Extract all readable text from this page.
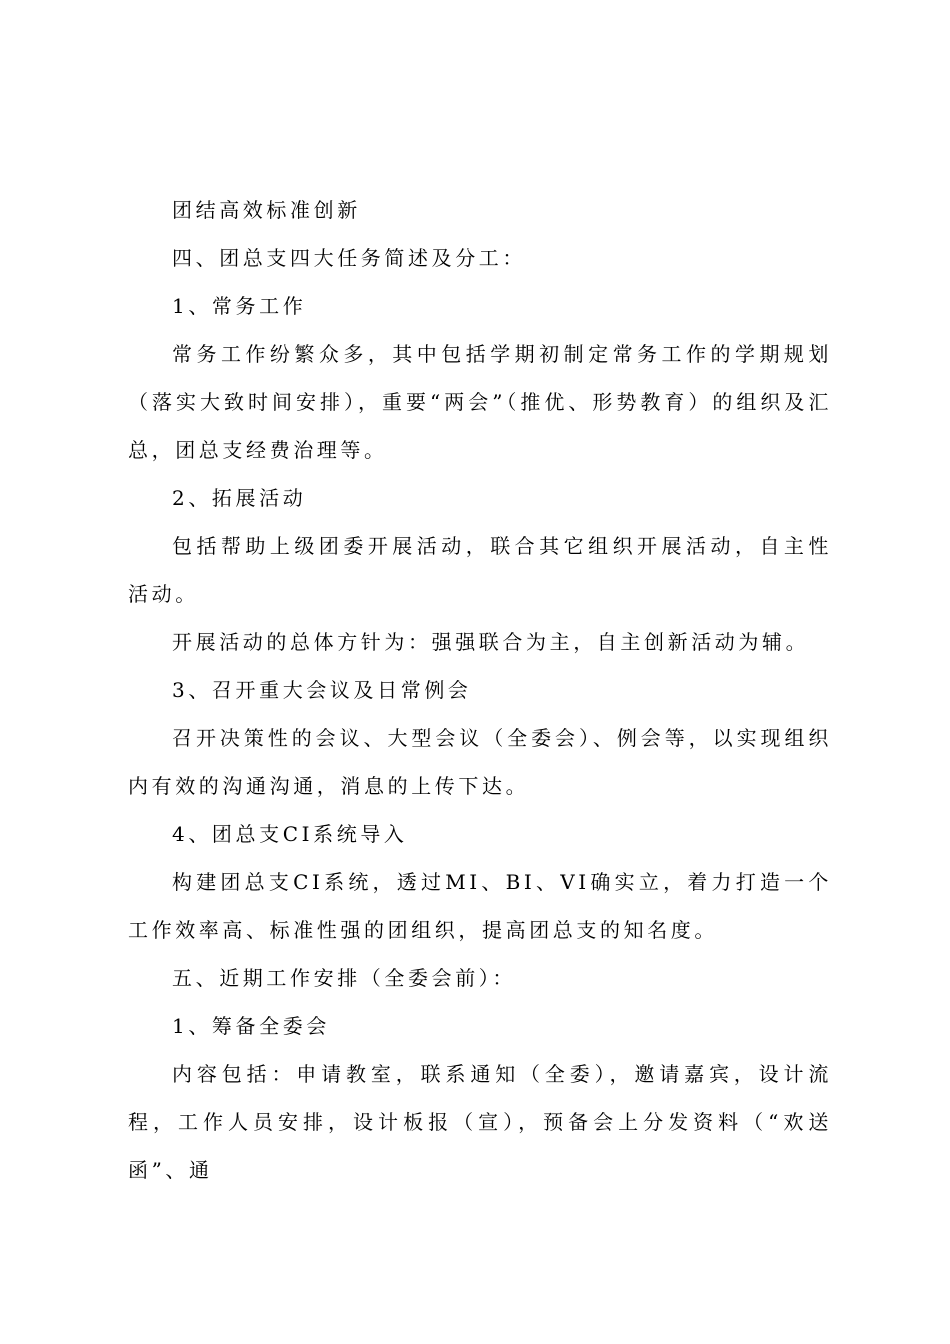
团结高效标准创新

四、团总支四大任务简述及分工：

1、常务工作

常务工作纷繁众多，其中包括学期初制定常务工作的学期规划（落实大致时间安排），重要“两会”（推优、形势教育）的组织及汇总，团总支经费治理等。

2、拓展活动

包括帮助上级团委开展活动，联合其它组织开展活动，自主性活动。

开展活动的总体方针为：强强联合为主，自主创新活动为辅。

3、召开重大会议及日常例会

召开决策性的会议、大型会议（全委会）、例会等，以实现组织内有效的沟通沟通，消息的上传下达。

4、团总支CI系统导入

构建团总支CI系统，透过MI、BI、VI确实立，着力打造一个工作效率高、标准性强的团组织，提高团总支的知名度。

五、近期工作安排（全委会前）：

1、筹备全委会

内容包括：申请教室，联系通知（全委），邀请嘉宾，设计流程，工作人员安排，设计板报（宣），预备会上分发资料（“欢送函”、通
